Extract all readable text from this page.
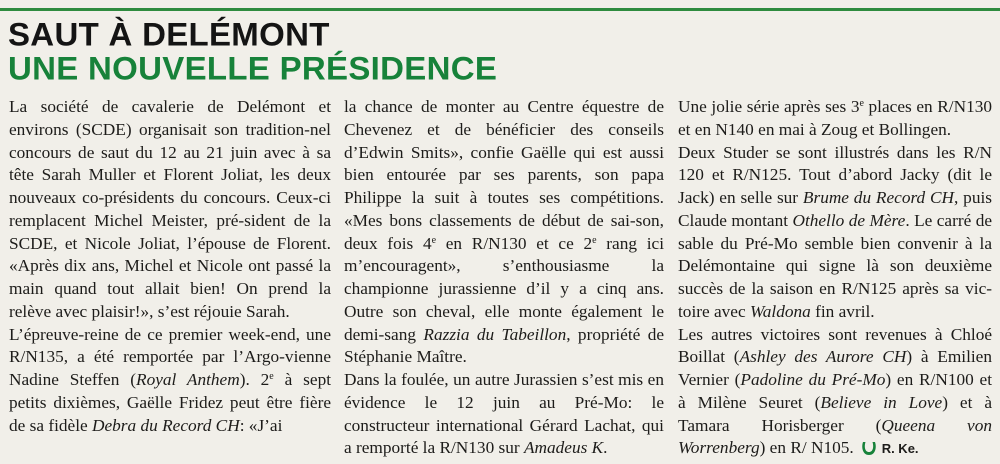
SAUT À DELÉMONT
UNE NOUVELLE PRÉSIDENCE

La société de cavalerie de Delémont et environs (SCDE) organisait son tradition-nel concours de saut du 12 au 21 juin avec à sa tête Sarah Muller et Florent Joliat, les deux nouveaux co-présidents du concours. Ceux-ci remplacent Michel Meister, pré-sident de la SCDE, et Nicole Joliat, l’épouse de Florent. «Après dix ans, Michel et Nicole ont passé la main quand tout allait bien! On prend la relève avec plaisir!», s’est réjouie Sarah.

L’épreuve-reine de ce premier week-end, une R/N135, a été remportée par l’Argo-vienne Nadine Steffen (Royal Anthem). 2e à sept petits dixièmes, Gaëlle Fridez peut être fière de sa fidèle Debra du Record CH: «J’ai

la chance de monter au Centre équestre de Chevenez et de bénéficier des conseils d’Edwin Smits», confie Gaëlle qui est aussi bien entourée par ses parents, son papa Philippe la suit à toutes ses compétitions. «Mes bons classements de début de sai-son, deux fois 4e en R/N130 et ce 2e rang ici m’encouragent», s’enthousiasme la championne jurassienne d’il y a cinq ans. Outre son cheval, elle monte également le demi-sang Razzia du Tabeillon, propriété de Stéphanie Maître.

Dans la foulée, un autre Jurassien s’est mis en évidence le 12 juin au Pré-Mo: le constructeur international Gérard Lachat, qui a remporté la R/N130 sur Amadeus K.

Une jolie série après ses 3e places en R/N130 et en N140 en mai à Zoug et Bollingen.

Deux Studer se sont illustrés dans les R/N 120 et R/N125. Tout d’abord Jacky (dit le Jack) en selle sur Brume du Record CH, puis Claude montant Othello de Mère. Le carré de sable du Pré-Mo semble bien convenir à la Delémontaine qui signe là son deuxième succès de la saison en R/N125 après sa vic-toire avec Waldona fin avril.

Les autres victoires sont revenues à Chloé Boillat (Ashley des Aurore CH) à Emilien Vernier (Padoline du Pré-Mo) en R/N100 et à Milène Seuret (Believe in Love) et à Tamara Horisberger (Queena von Worrenberg) en R/ N105. R. Ke.
